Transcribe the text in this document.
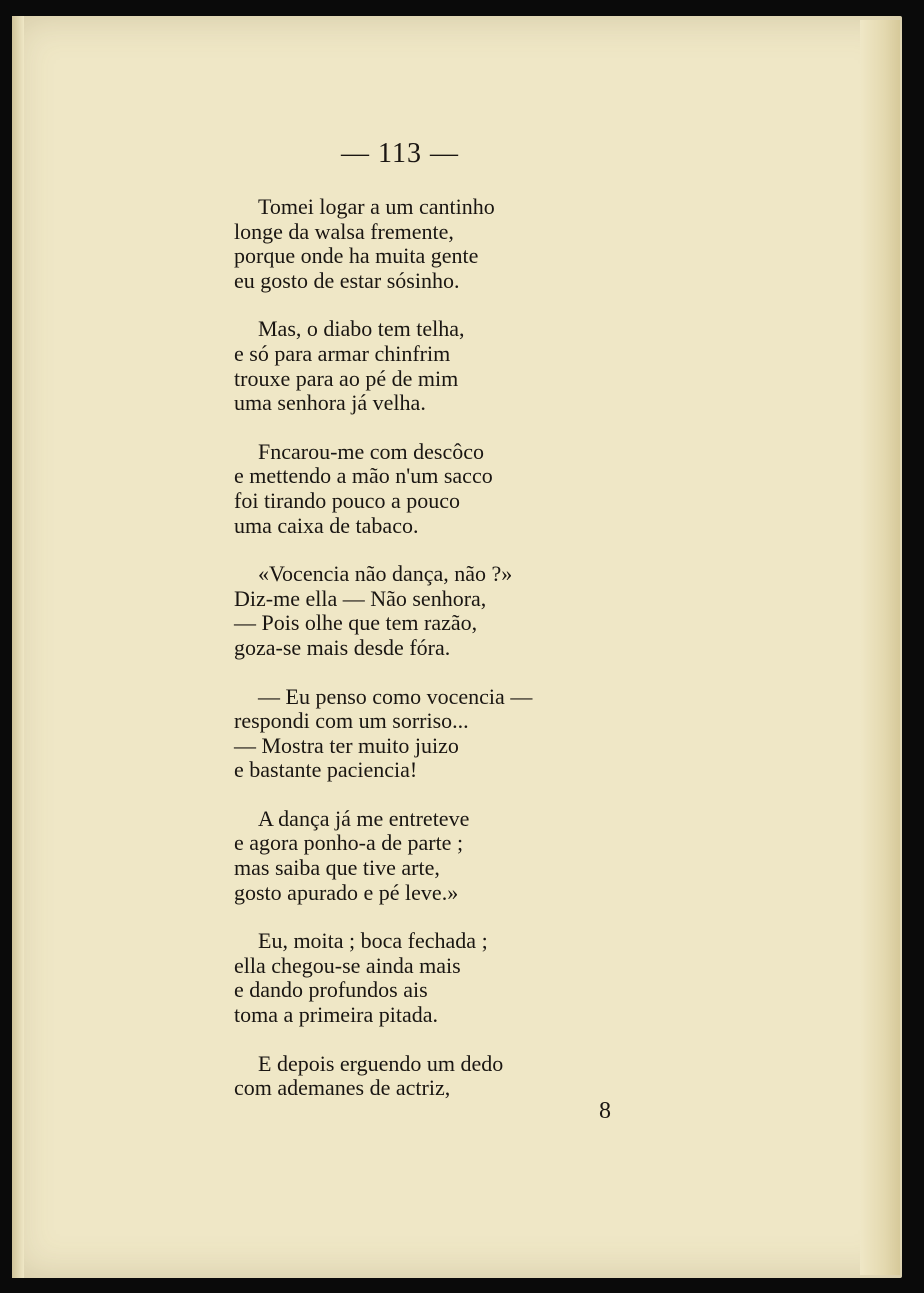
— 113 —
Tomei logar a um cantinho
longe da walsa fremente,
porque onde ha muita gente
eu gosto de estar sósinho.
Mas, o diabo tem telha,
e só para armar chinfrim
trouxe para ao pé de mim
uma senhora já velha.
Fncarou-me com descôco
e mettendo a mão n'um sacco
foi tirando pouco a pouco
uma caixa de tabaco.
«Vocencia não dança, não ?»
Diz-me ella — Não senhora,
— Pois olhe que tem razão,
goza-se mais desde fóra.
— Eu penso como vocencia —
respondi com um sorriso...
— Mostra ter muito juizo
e bastante paciencia!
A dança já me entreteve
e agora ponho-a de parte ;
mas saiba que tive arte,
gosto apurado e pé leve.»
Eu, moita ; boca fechada ;
ella chegou-se ainda mais
e dando profundos ais
toma a primeira pitada.
E depois erguendo um dedo
com ademanes de actriz,
8
